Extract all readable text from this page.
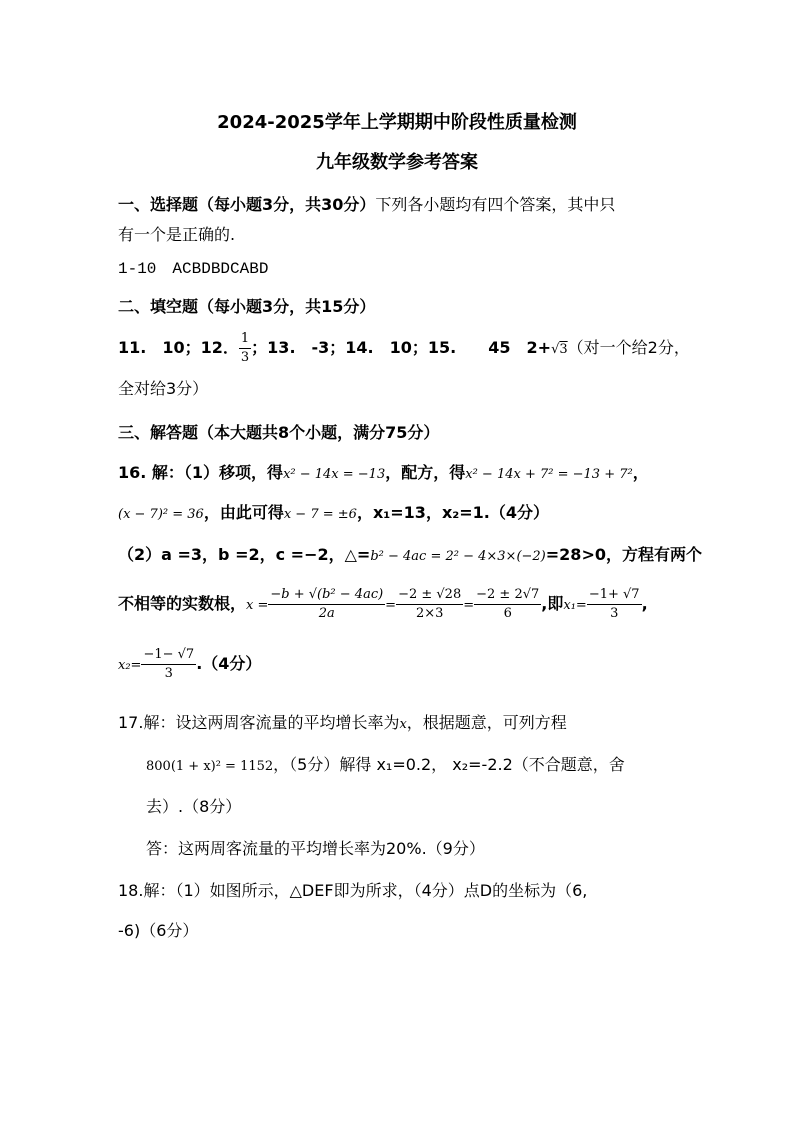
2024-2025学年上学期期中阶段性质量检测
九年级数学参考答案
一、选择题（每小题3分，共30分）下列各小题均有四个答案，其中只
有一个是正确的.
1-10　ACBDBDCABD
二、填空题（每小题3分，共15分）
11.　10；12． $\frac{1}{3}$ ；13.　-3；14.　10；15.　　45　2+√3（对一个给2分，
全对给3分）
三、解答题（本大题共8个小题，满分75分）
16. 解：（1）移项，得x² − 14x = −13，配方，得x² − 14x + 7² = −13 + 7²，
(x − 7)² = 36，由此可得x − 7 = ±6，x₁=13，x₂=1.（4分）
（2）a =3，b =2，c =−2，△=b² − 4ac = 2² − 4×3×(−2)=28>0，方程有两个
不相等的实数根，$x = \frac{\text{−b + √(b² − 4ac)}}{2a} = \frac{-2 \pm √28}{2\times 3} = \frac{-2 \pm 2√7}{6}$ ,即$x_1= \frac{-1+ √7}{3}$ ,
$x_2= \frac{-1- √7}{3} .(4$分）
17.解：设这两周客流量的平均增长率为x，根据题意，可列方程
800(1 + x)² = 1152，（5分）解得 x₁=0.2， x₂=-2.2（不合题意，舍
去）.（8分）
答：这两周客流量的平均增长率为20%.（9分）
18.解：（1）如图所示，△DEF即为所求，（4分）点D的坐标为（6,
-6)（6分）
